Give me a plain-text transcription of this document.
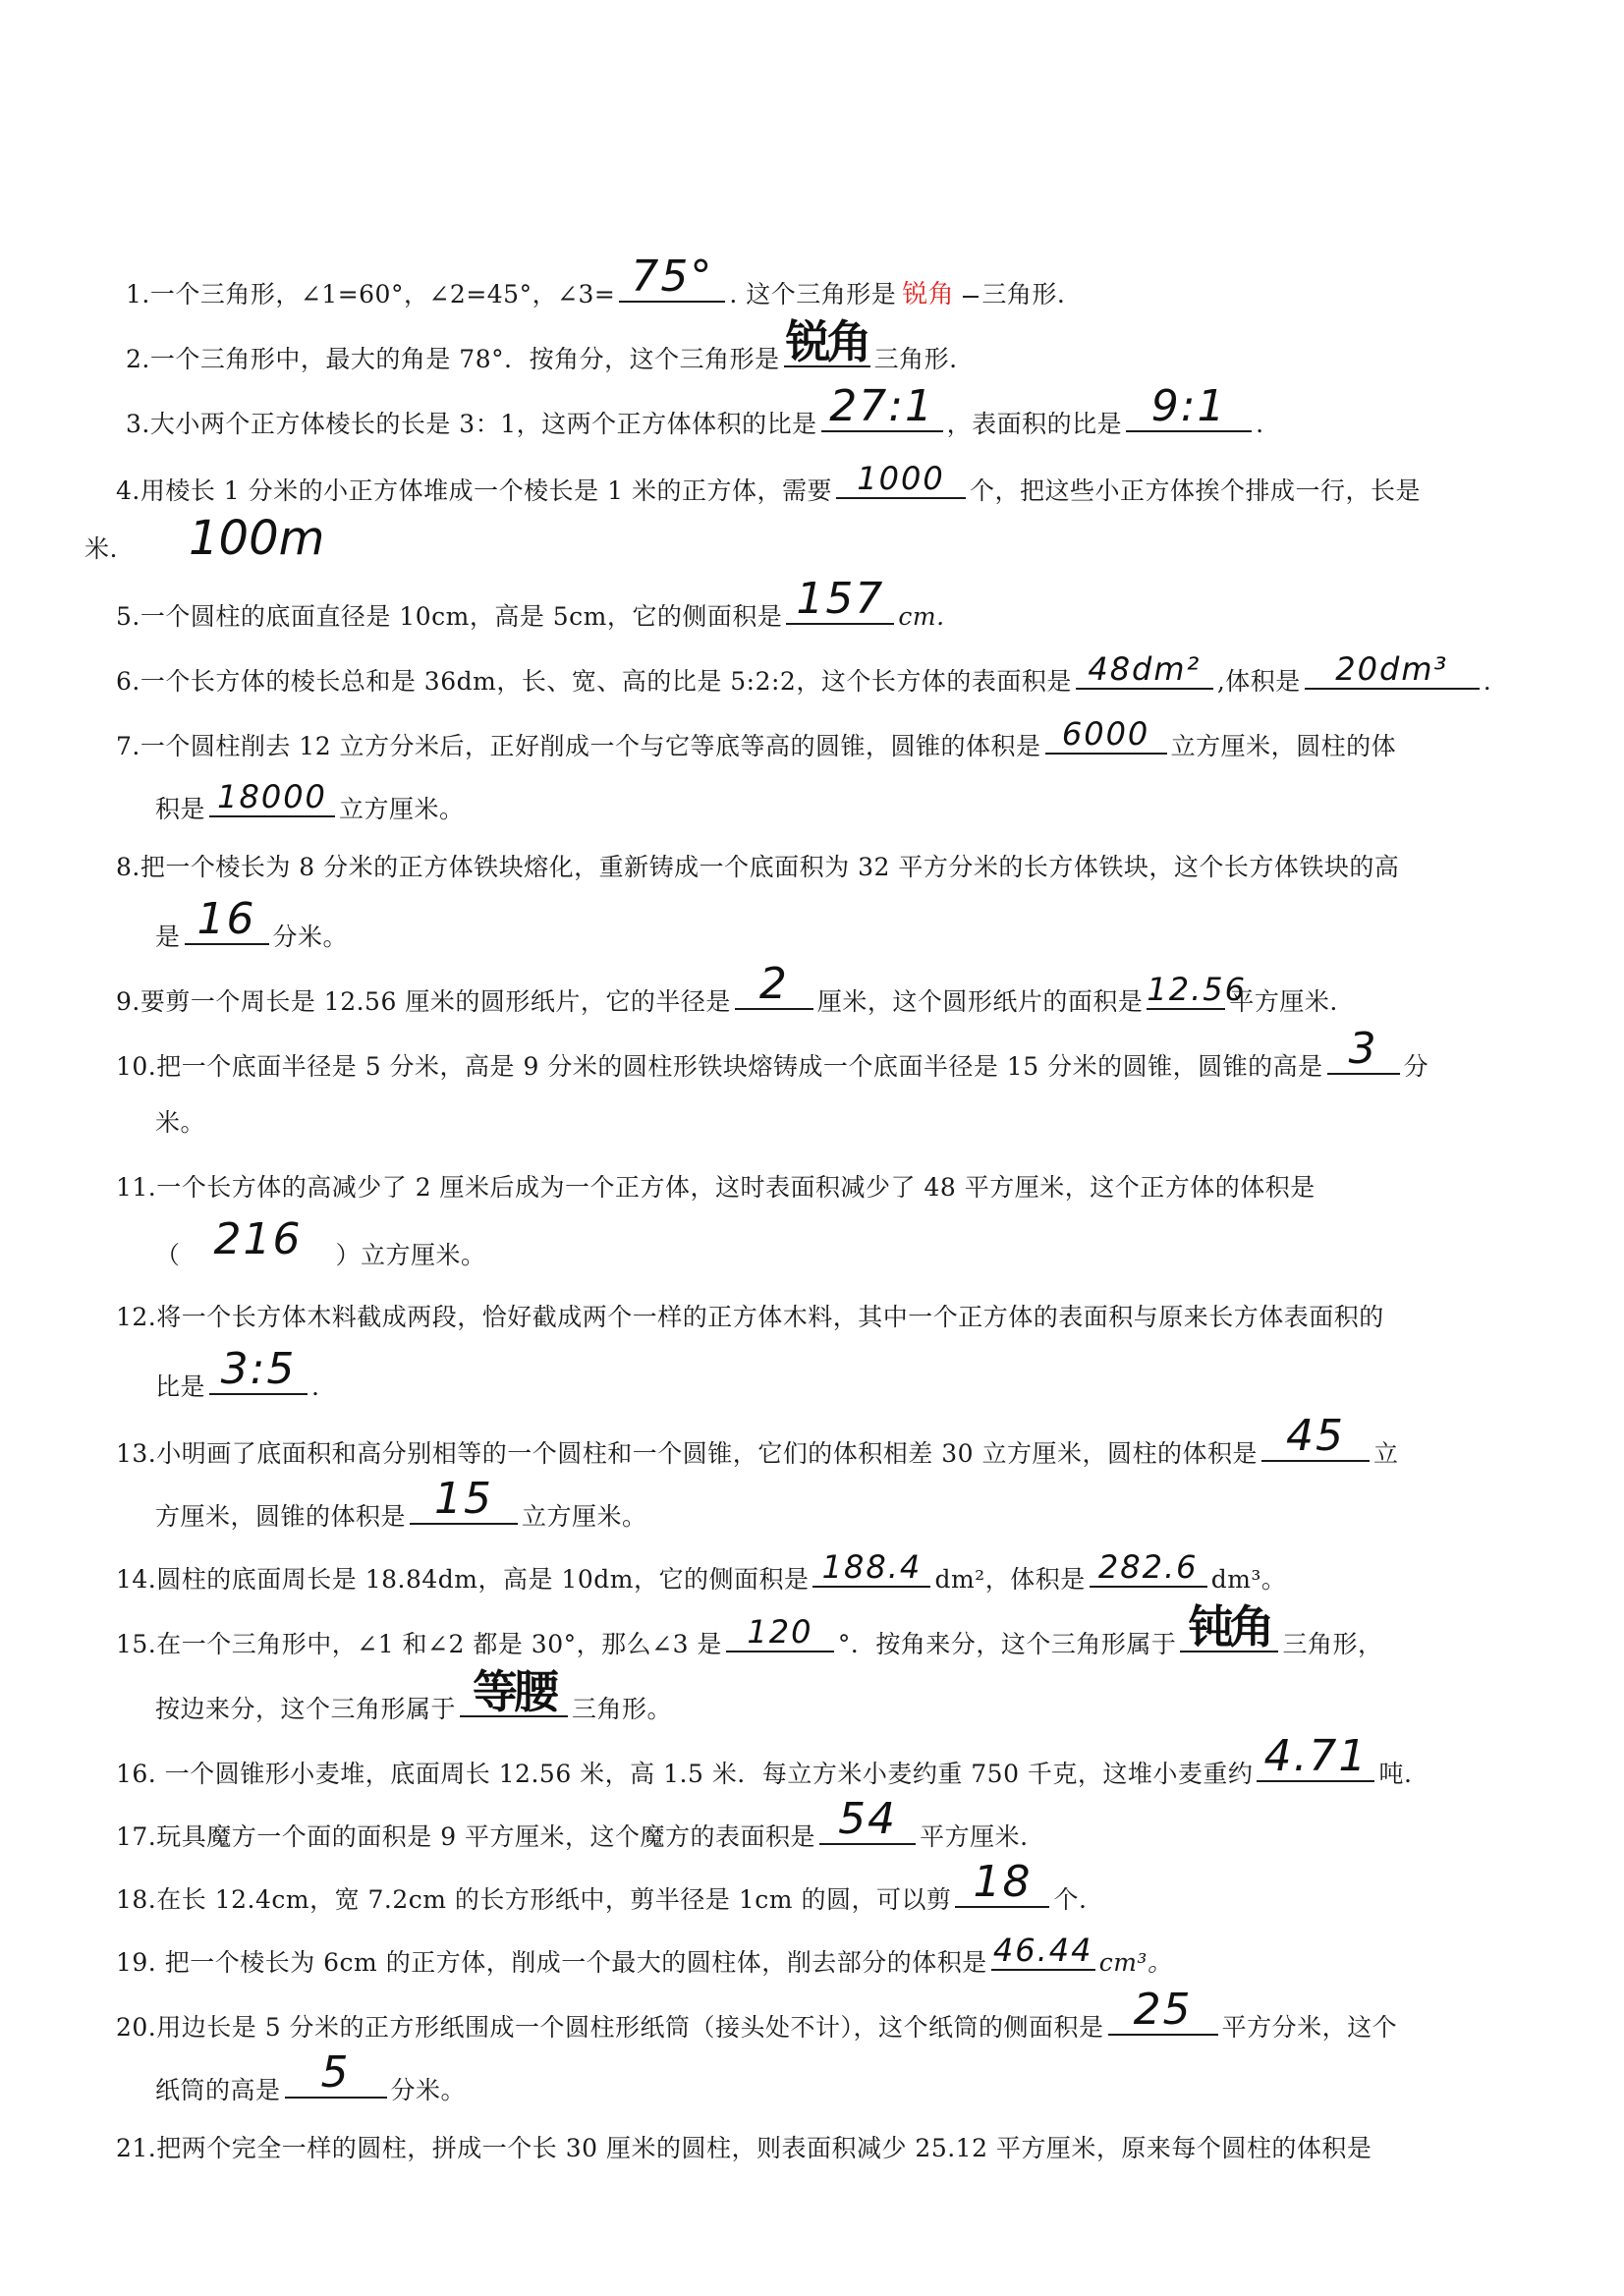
1.一个三角形，∠1=60°，∠2=45°，∠3= 75° . 这个三角形是 锐角 三角形.
2.一个三角形中，最大的角是 78°．按角分，这个三角形是 锐角 三角形.
3.大小两个正方体棱长的长是 3：1，这两个正方体体积的比是 27:1 ，表面积的比是 9:1	.
4.用棱长 1 分米的小正方体堆成一个棱长是 1 米的正方体，需要 1000	个，把这些小正方体挨个排成一行，长是
米. 100m
5.一个圆柱的底面直径是 10cm，高是 5cm，它的侧面积是 157 cm.
6.一个长方体的棱长总和是 36dm，长、宽、高的比是 5:2:2，这个长方体的表面积是 48dm² ,体积是	20dm³	.
7.一个圆柱削去 12 立方分米后，正好削成一个与它等底等高的圆锥，圆锥的体积是 6000 立方厘米，圆柱的体
积是 18000 立方厘米。
8.把一个棱长为 8 分米的正方体铁块熔化，重新铸成一个底面积为 32 平方分米的长方体铁块，这个长方体铁块的高
是 16 分米。
9.要剪一个周长是 12.56 厘米的圆形纸片，它的半径是 2	厘米，这个圆形纸片的面积是 12.56
平方厘米.
10.把一个底面半径是 5 分米，高是 9 分米的圆柱形铁块熔铸成一个底面半径是 15 分米的圆锥，圆锥的高是 3	分
米。
11.一个长方体的高减少了 2 厘米后成为一个正方体，这时表面积减少了 48 平方厘米，这个正方体的体积是
（ 216	）立方厘米。
12.将一个长方体木料截成两段，恰好截成两个一样的正方体木料，其中一个正方体的表面积与原来长方体表面积的
比是 3:5 .
13.小明画了底面积和高分别相等的一个圆柱和一个圆锥，它们的体积相差 30 立方厘米，圆柱的体积是 45	立
方厘米，圆锥的体积是 15	立方厘米。
14.圆柱的底面周长是 18.84dm，高是 10dm，它的侧面积是 188.4 dm²，体积是 282.6 dm³。
15.在一个三角形中，∠1 和∠2 都是 30°，那么∠3 是 120	°．按角来分，这个三角形属于 钝角 三角形，
按边来分，这个三角形属于 等腰 三角形。
16. 一个圆锥形小麦堆，底面周长 12.56 米，高 1.5 米．每立方米小麦约重 750 千克，这堆小麦重约 4.71 吨.
17.玩具魔方一个面的面积是 9 平方厘米，这个魔方的表面积是 54 平方厘米.
18.在长 12.4cm，宽 7.2cm 的长方形纸中，剪半径是 1cm 的圆，可以剪 18 个.
19. 把一个棱长为 6cm 的正方体，削成一个最大的圆柱体，削去部分的体积是 46.44 cm³。
20.用边长是 5 分米的正方形纸围成一个圆柱形纸筒（接头处不计），这个纸筒的侧面积是 25	平方分米，这个
纸筒的高是 5	分米。
21.把两个完全一样的圆柱，拼成一个长 30 厘米的圆柱，则表面积减少 25.12 平方厘米，原来每个圆柱的体积是
